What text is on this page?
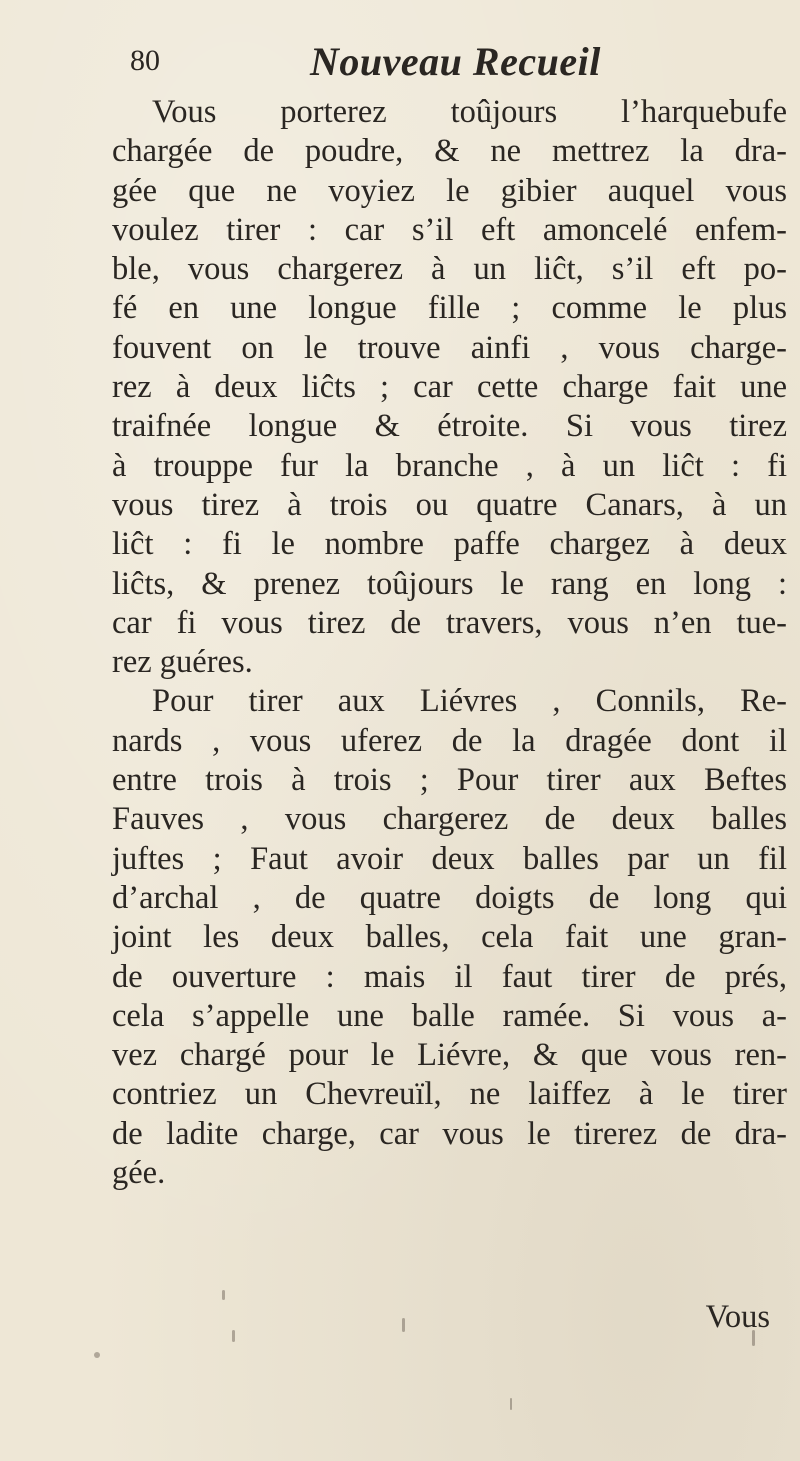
80	Nouveau Recueil
Vous porterez toûjours l’harquebufe
chargée de poudre, & ne mettrez la dra-
gée que ne voyiez le gibier auquel vous
voulez tirer : car s’il eft amoncelé enfem-
ble, vous chargerez à un liĉt, s’il eft po-
fé en une longue fille ; comme le plus
fouvent on le trouve ainfi , vous charge-
rez à deux liĉts ; car cette charge fait une
traifnée longue & étroite. Si vous tirez
à trouppe fur la branche , à un liĉt : fi
vous tirez à trois ou quatre Canars, à un
liĉt : fi le nombre paffe chargez à deux
liĉts, & prenez toûjours le rang en long :
car fi vous tirez de travers, vous n’en tue-
rez guéres.
Pour tirer aux Liévres , Connils, Re-
nards , vous uferez de la dragée dont il
entre trois à trois ; Pour tirer aux Beftes
Fauves , vous chargerez de deux balles
juftes ; Faut avoir deux balles par un fil
d’archal , de quatre doigts de long qui
joint les deux balles, cela fait une gran-
de ouverture : mais il faut tirer de prés,
cela s’appelle une balle ramée. Si vous a-
vez chargé pour le Liévre, & que vous ren-
contriez un Chevreuïl, ne laiffez à le tirer
de ladite charge, car vous le tirerez de dra-
gée.
Vous
